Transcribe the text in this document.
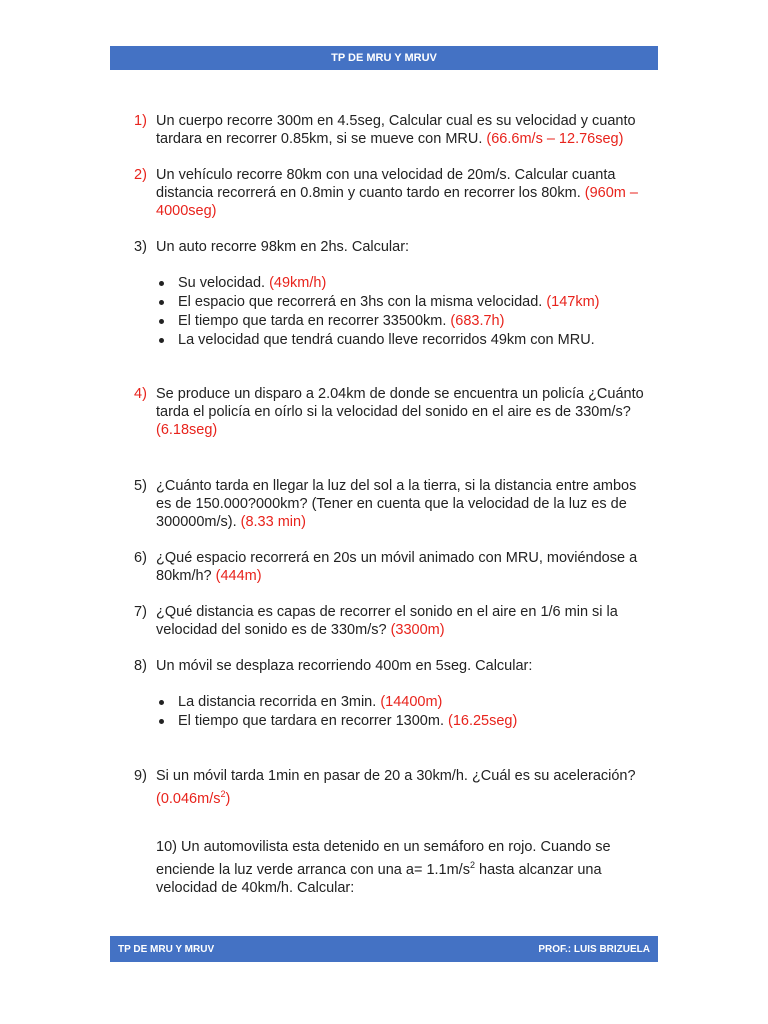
TP DE MRU Y MRUV
1) Un cuerpo recorre 300m en 4.5seg, Calcular cual es su velocidad y cuanto tardara en recorrer 0.85km, si se mueve con MRU. (66.6m/s – 12.76seg)
2) Un vehículo recorre 80km con una velocidad de 20m/s. Calcular cuanta distancia recorrerá en 0.8min y cuanto tardo en recorrer los 80km. (960m – 4000seg)
3) Un auto recorre 98km en 2hs. Calcular:
Su velocidad. (49km/h)
El espacio que recorrerá en 3hs con la misma velocidad. (147km)
El tiempo que tarda en recorrer 33500km. (683.7h)
La velocidad que tendrá cuando lleve recorridos 49km con MRU.
4) Se produce un disparo a 2.04km de donde se encuentra un policía ¿Cuánto tarda el policía en oírlo si la velocidad del sonido en el aire es de 330m/s? (6.18seg)
5) ¿Cuánto tarda en llegar la luz del sol a la tierra, si la distancia entre ambos es de 150.000?000km? (Tener en cuenta que la velocidad de la luz es de 300000m/s). (8.33 min)
6) ¿Qué espacio recorrerá en 20s un móvil animado con MRU, moviéndose a 80km/h? (444m)
7) ¿Qué distancia es capas de recorrer el sonido en el aire en 1/6 min si la velocidad del sonido es de 330m/s? (3300m)
8) Un móvil se desplaza recorriendo 400m en 5seg. Calcular:
La distancia recorrida en 3min. (14400m)
El tiempo que tardara en recorrer 1300m. (16.25seg)
9) Si un móvil tarda 1min en pasar de 20 a 30km/h. ¿Cuál es su aceleración? $(0.046m/s^2)$
10) Un automovilista esta detenido en un semáforo en rojo. Cuando se enciende la luz verde arranca con una $a= 1.1m/s^2$ hasta alcanzar una velocidad de 40km/h. Calcular:
TP DE MRU Y MRUV	PROF.: LUIS BRIZUELA
